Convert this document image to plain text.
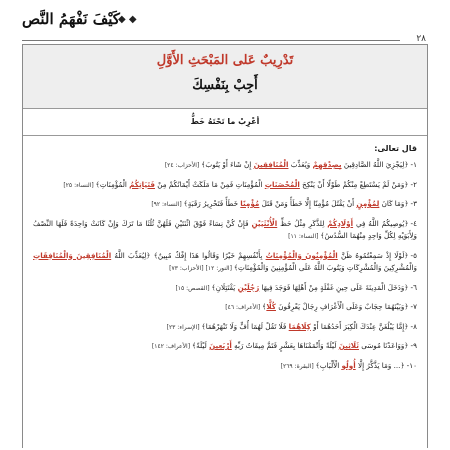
٢٨
◆ ◆
كَيْفَ نَفْهَمُ النَّص
تَدْرِيبٌ عَلى المَبْحَثِ الأَوَّلِ
أَجِبْ بِنَفْسِكَ
أعْرِبْ ما تَحْتَهُ خَطٌّ
قال تعالى:
١-﴿لِيَجْزِيَ اللَّهُ الصَّادِقِينَ بِصِدْقِهِمْ وَيُعَذِّبَ الْمُنَافِقِينَ إِنْ شَاءَ أَوْ يَتُوبَ﴾ [الأحزاب: ٢٤]
٢-﴿وَمَنْ لَمْ يَسْتَطِعْ مِنْكُمْ طَوْلًا أَنْ يَنْكِحَ الْمُحْصَنَاتِ الْمُؤْمِنَاتِ فَمِنْ مَا مَلَكَتْ أَيْمَانُكُمْ مِنْ فَتَيَاتِكُمُ الْمُؤْمِنَاتِ﴾ [النساء: ٢٥]
٣-﴿وَمَا كَانَ لِمُؤْمِنٍ أَنْ يَقْتُلَ مُؤْمِنًا إِلَّا خَطَأً وَمَنْ قَتَلَ مُؤْمِنًا خَطَأً فَتَحْرِيرُ رَقَبَةٍ﴾ [النساء: ٩٢]
٤-﴿يُوصِيكُمُ اللَّهُ فِي أَوْلَادِكُمْ لِلذَّكَرِ مِثْلُ حَظِّ الْأُنْثَيَيْنِ فَإِنْ كُنَّ نِسَاءً فَوْقَ اثْنَتَيْنِ فَلَهُنَّ ثُلُثَا مَا تَرَكَ وَإِنْ كَانَتْ وَاحِدَةً فَلَهَا النِّصْفُ وَلِأَبَوَيْهِ لِكُلِّ وَاحِدٍ مِنْهُمَا السُّدُسُ﴾ [النساء: ١١]
٥-﴿لَوْلَا إِذْ سَمِعْتُمُوهُ ظَنَّ الْمُؤْمِنُونَ وَالْمُؤْمِنَاتُ بِأَنْفُسِهِمْ خَيْرًا وَقَالُوا هَذَا إِفْكٌ مُبِينٌ﴾ ﴿لِيُعَذِّبَ اللَّهُ الْمُنَافِقِينَ وَالْمُنَافِقَاتِ وَالْمُشْرِكِينَ وَالْمُشْرِكَاتِ وَيَتُوبَ اللَّهُ عَلَى الْمُؤْمِنِينَ وَالْمُؤْمِنَاتِ﴾ [النور: ١٢] [الأحزاب: ٧٣]
٦-﴿وَدَخَلَ الْمَدِينَةَ عَلَى حِينِ غَفْلَةٍ مِنْ أَهْلِهَا فَوَجَدَ فِيهَا رَجُلَيْنِ يَقْتَتِلَانِ﴾ [القصص: ١٥]
٧-﴿وَبَيْنَهُمَا حِجَابٌ وَعَلَى الْأَعْرَافِ رِجَالٌ يَعْرِفُونَ كُلًّا﴾ [الأعراف: ٤٦]
٨-﴿إِمَّا يَبْلُغَنَّ عِنْدَكَ الْكِبَرَ أَحَدُهُمَا أَوْ كِلَاهُمَا فَلَا تَقُلْ لَهُمَا أُفٍّ وَلَا تَنْهَرْهُمَا﴾ [الإسراء: ٢٣]
٩-﴿وَوَاعَدْنَا مُوسَى ثَلَاثِينَ لَيْلَةً وَأَتْمَمْنَاهَا بِعَشْرٍ فَتَمَّ مِيقَاتُ رَبِّهِ أَرْبَعِينَ لَيْلَةً﴾ [الأعراف: ١٤٢]
١٠-﴿... وَمَا يَذَّكَّرُ إِلَّا أُولُو الْأَلْبَابِ﴾ [البقرة: ٢٦٩]
